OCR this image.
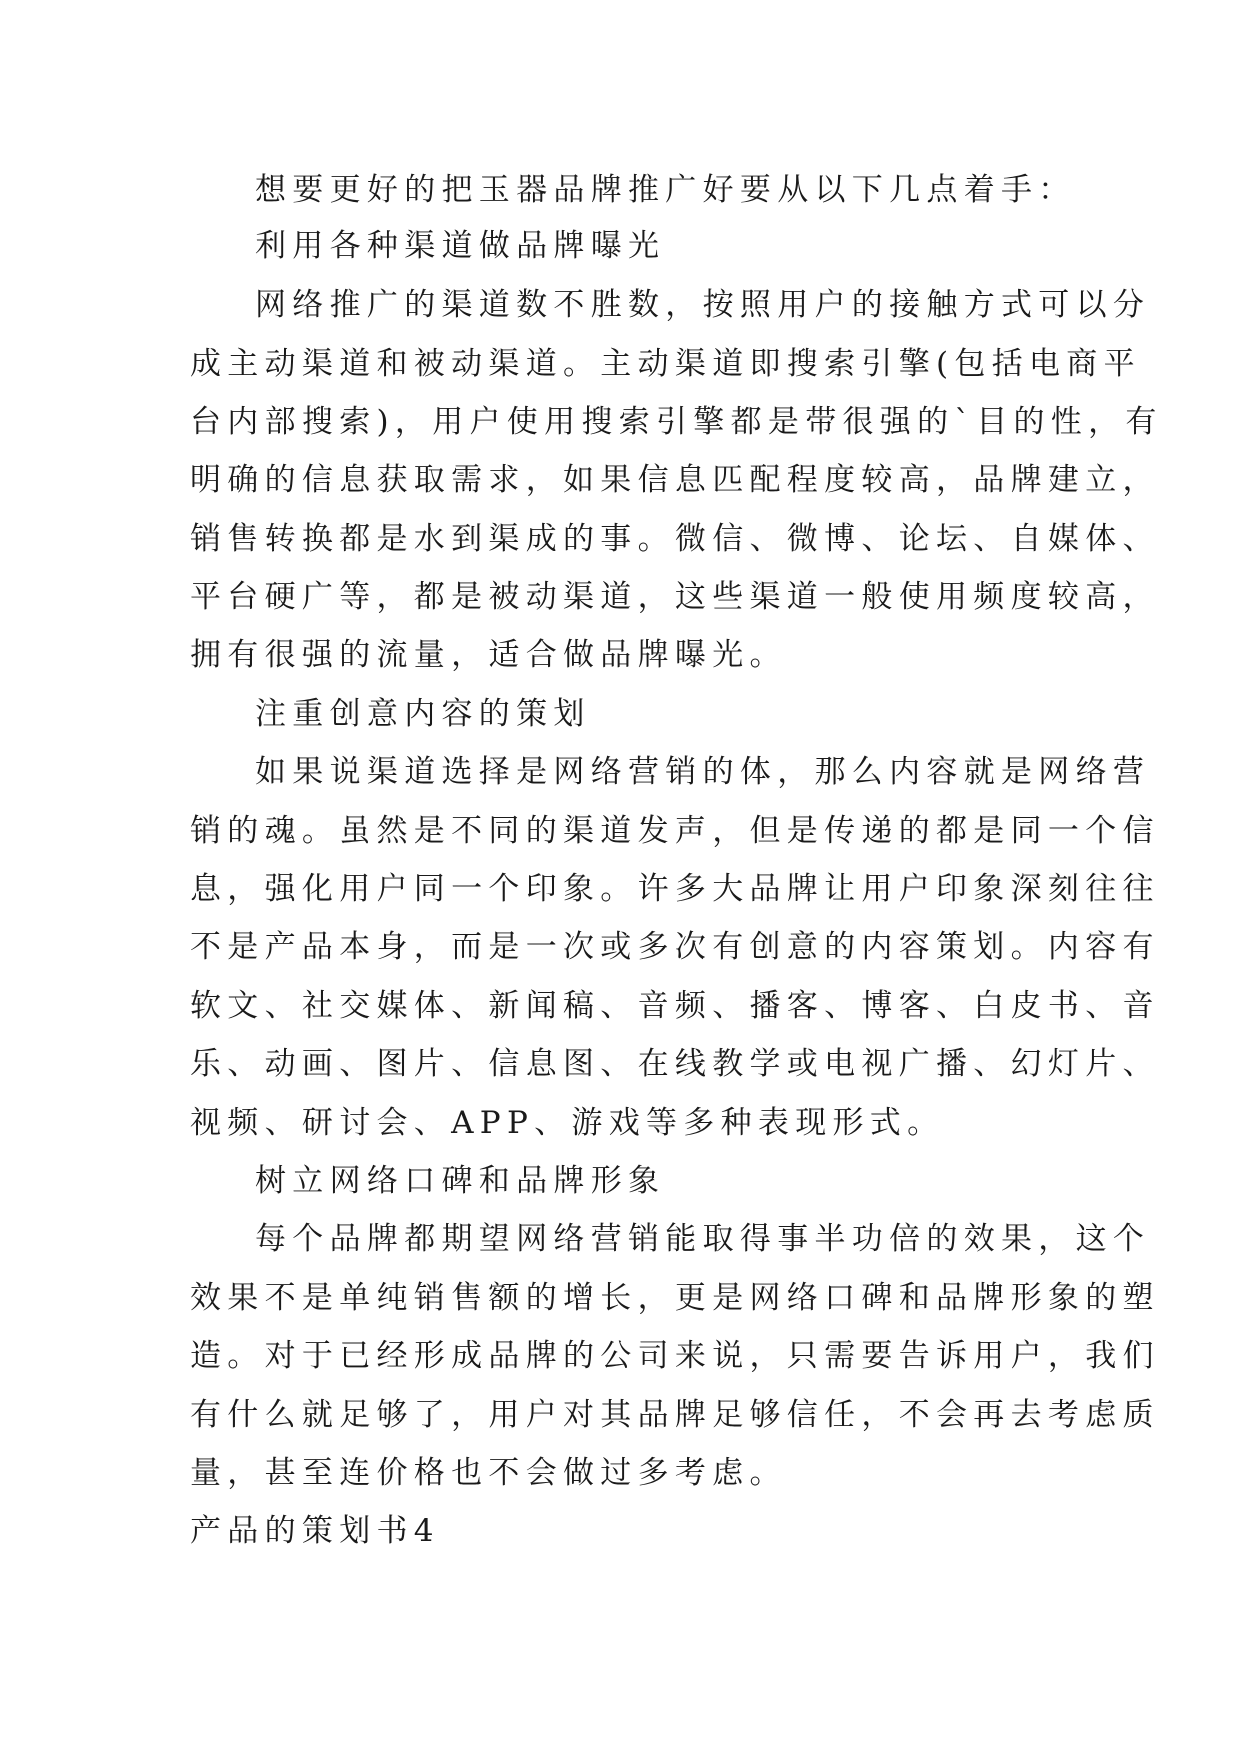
想要更好的把玉器品牌推广好要从以下几点着手：
利用各种渠道做品牌曝光
网络推广的渠道数不胜数，按照用户的接触方式可以分
成主动渠道和被动渠道。主动渠道即搜索引擎(包括电商平
台内部搜索)，用户使用搜索引擎都是带很强的`目的性，有
明确的信息获取需求，如果信息匹配程度较高，品牌建立，
销售转换都是水到渠成的事。微信、微博、论坛、自媒体、
平台硬广等，都是被动渠道，这些渠道一般使用频度较高，
拥有很强的流量，适合做品牌曝光。
注重创意内容的策划
如果说渠道选择是网络营销的体，那么内容就是网络营
销的魂。虽然是不同的渠道发声，但是传递的都是同一个信
息，强化用户同一个印象。许多大品牌让用户印象深刻往往
不是产品本身，而是一次或多次有创意的内容策划。内容有
软文、社交媒体、新闻稿、音频、播客、博客、白皮书、音
乐、动画、图片、信息图、在线教学或电视广播、幻灯片、
视频、研讨会、APP、游戏等多种表现形式。
树立网络口碑和品牌形象
每个品牌都期望网络营销能取得事半功倍的效果，这个
效果不是单纯销售额的增长，更是网络口碑和品牌形象的塑
造。对于已经形成品牌的公司来说，只需要告诉用户，我们
有什么就足够了，用户对其品牌足够信任，不会再去考虑质
量，甚至连价格也不会做过多考虑。
产品的策划书4
